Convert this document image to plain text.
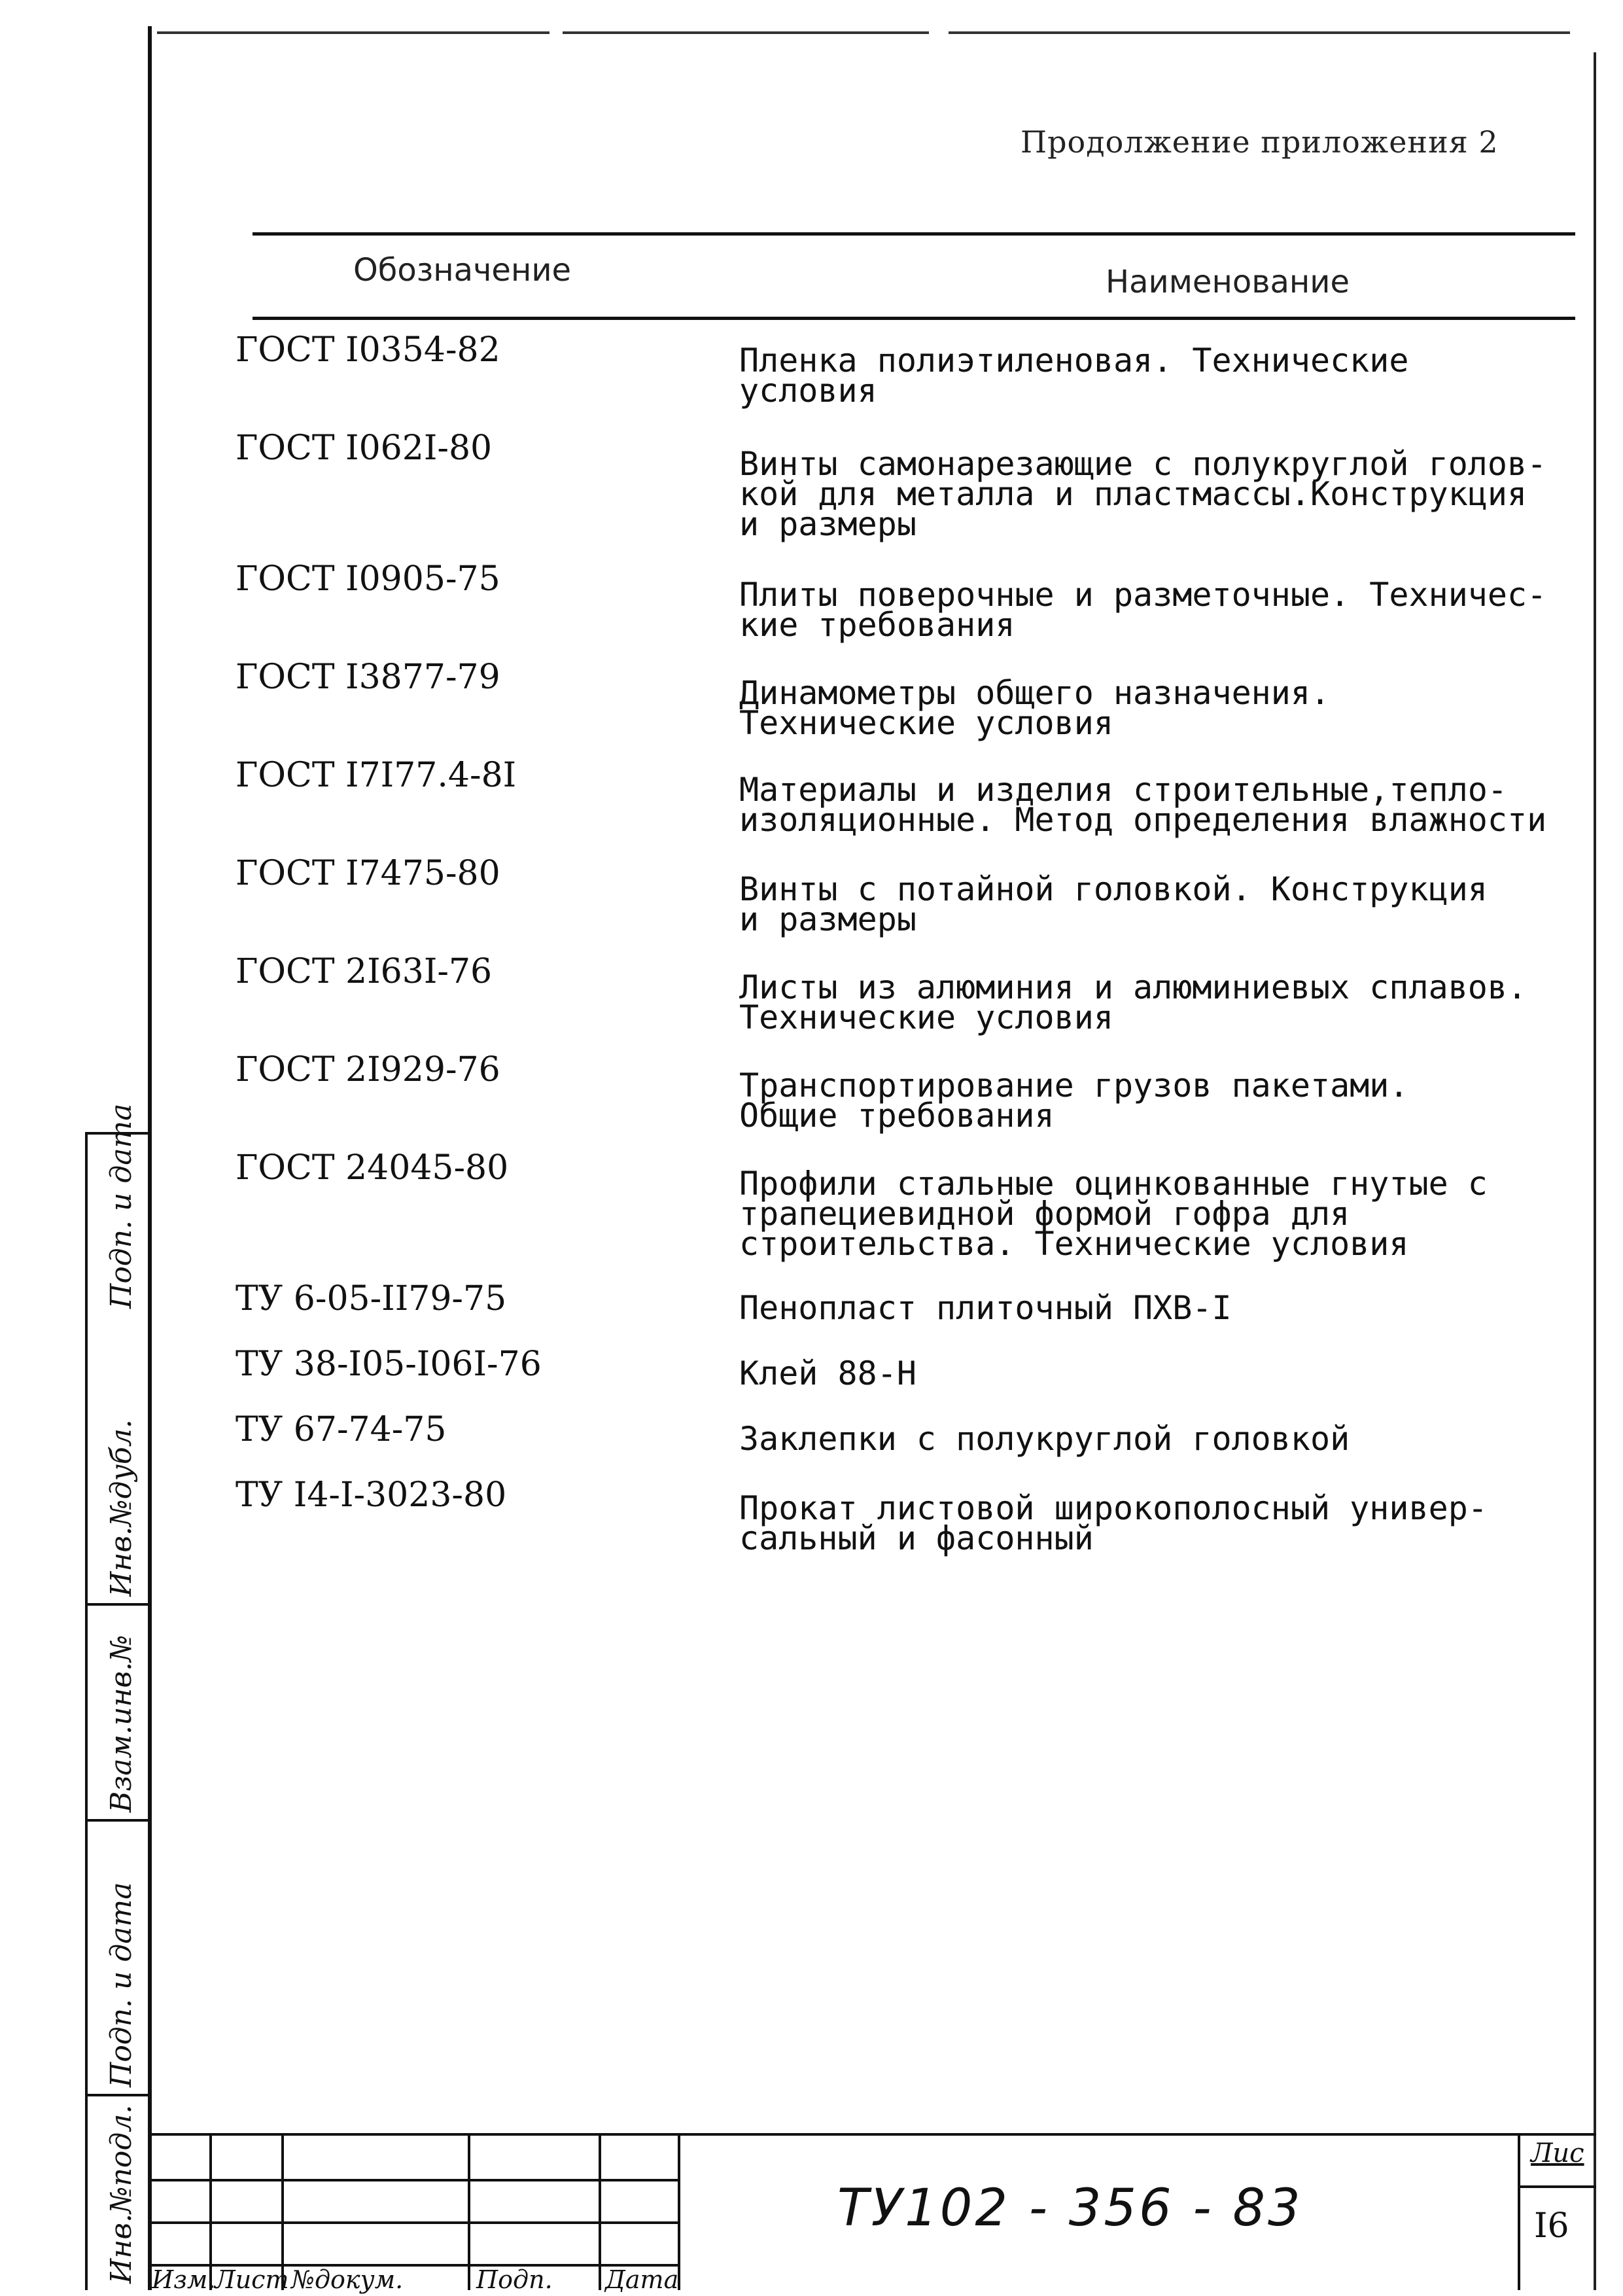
Продолжение приложения 2
Обозначение	Наименование
ГОСТ I0354-82	Пленка полиэтиленовая. Технические
условия
ГОСТ I062I-80	Винты самонарезающие с полукруглой голов-
кой для металла и пластмассы.Конструкция
и размеры
ГОСТ I0905-75	Плиты поверочные и разметочные. Техничес-
кие требования
ГОСТ I3877-79	Динамометры общего назначения.
Технические условия
ГОСТ I7I77.4-8I	Материалы и изделия строительные,тепло-
изоляционные. Метод определения влажности
ГОСТ I7475-80	Винты с потайной головкой. Конструкция
и размеры
ГОСТ 2I63I-76	Листы из алюминия и алюминиевых сплавов.
Технические условия
ГОСТ 2I929-76	Транспортирование грузов пакетами.
Общие требования
ГОСТ 24045-80	Профили стальные оцинкованные гнутые с
трапециевидной формой гофра для
строительства. Технические условия
ТУ 6-05-II79-75	Пенопласт плиточный ПХВ-I
ТУ 38-I05-I06I-76	Клей 88-Н
ТУ 67-74-75	Заклепки с полукруглой головкой
ТУ I4-I-3023-80	Прокат листовой широкополосный универ-
сальный и фасонный
Подп. и дата
Инв.№дубл.
Взам.инв.№
Подп. и дата
Инв.№подл. Изм.
Лист №докум.	Подп. Дата
ТУ102 - 356 - 83
Лис
I6
